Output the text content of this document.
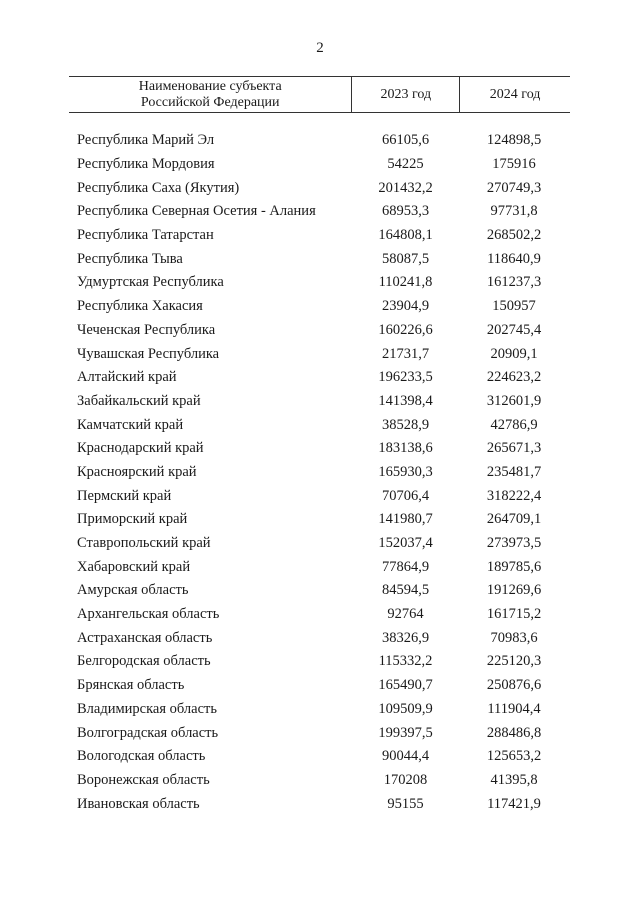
2
Наименование субъекта
Российской Федерации
2023 год	2024 год
Республика Марий Эл	66105,6	124898,5
Республика Мордовия	54225	175916
Республика Саха (Якутия)	201432,2	270749,3
Республика Северная Осетия - Алания	68953,3	97731,8
Республика Татарстан	164808,1	268502,2
Республика Тыва	58087,5	118640,9
Удмуртская Республика	110241,8	161237,3
Республика Хакасия	23904,9	150957
Чеченская Республика	160226,6	202745,4
Чувашская Республика	21731,7	20909,1
Алтайский край	196233,5	224623,2
Забайкальский край	141398,4	312601,9
Камчатский край	38528,9	42786,9
Краснодарский край	183138,6	265671,3
Красноярский край	165930,3	235481,7
Пермский край	70706,4	318222,4
Приморский край	141980,7	264709,1
Ставропольский край	152037,4	273973,5
Хабаровский край	77864,9	189785,6
Амурская область	84594,5	191269,6
Архангельская область	92764	161715,2
Астраханская область	38326,9	70983,6
Белгородская область	115332,2	225120,3
Брянская область	165490,7	250876,6
Владимирская область	109509,9	111904,4
Волгоградская область	199397,5	288486,8
Вологодская область	90044,4	125653,2
Воронежская область	170208	41395,8
Ивановская область	95155	117421,9
